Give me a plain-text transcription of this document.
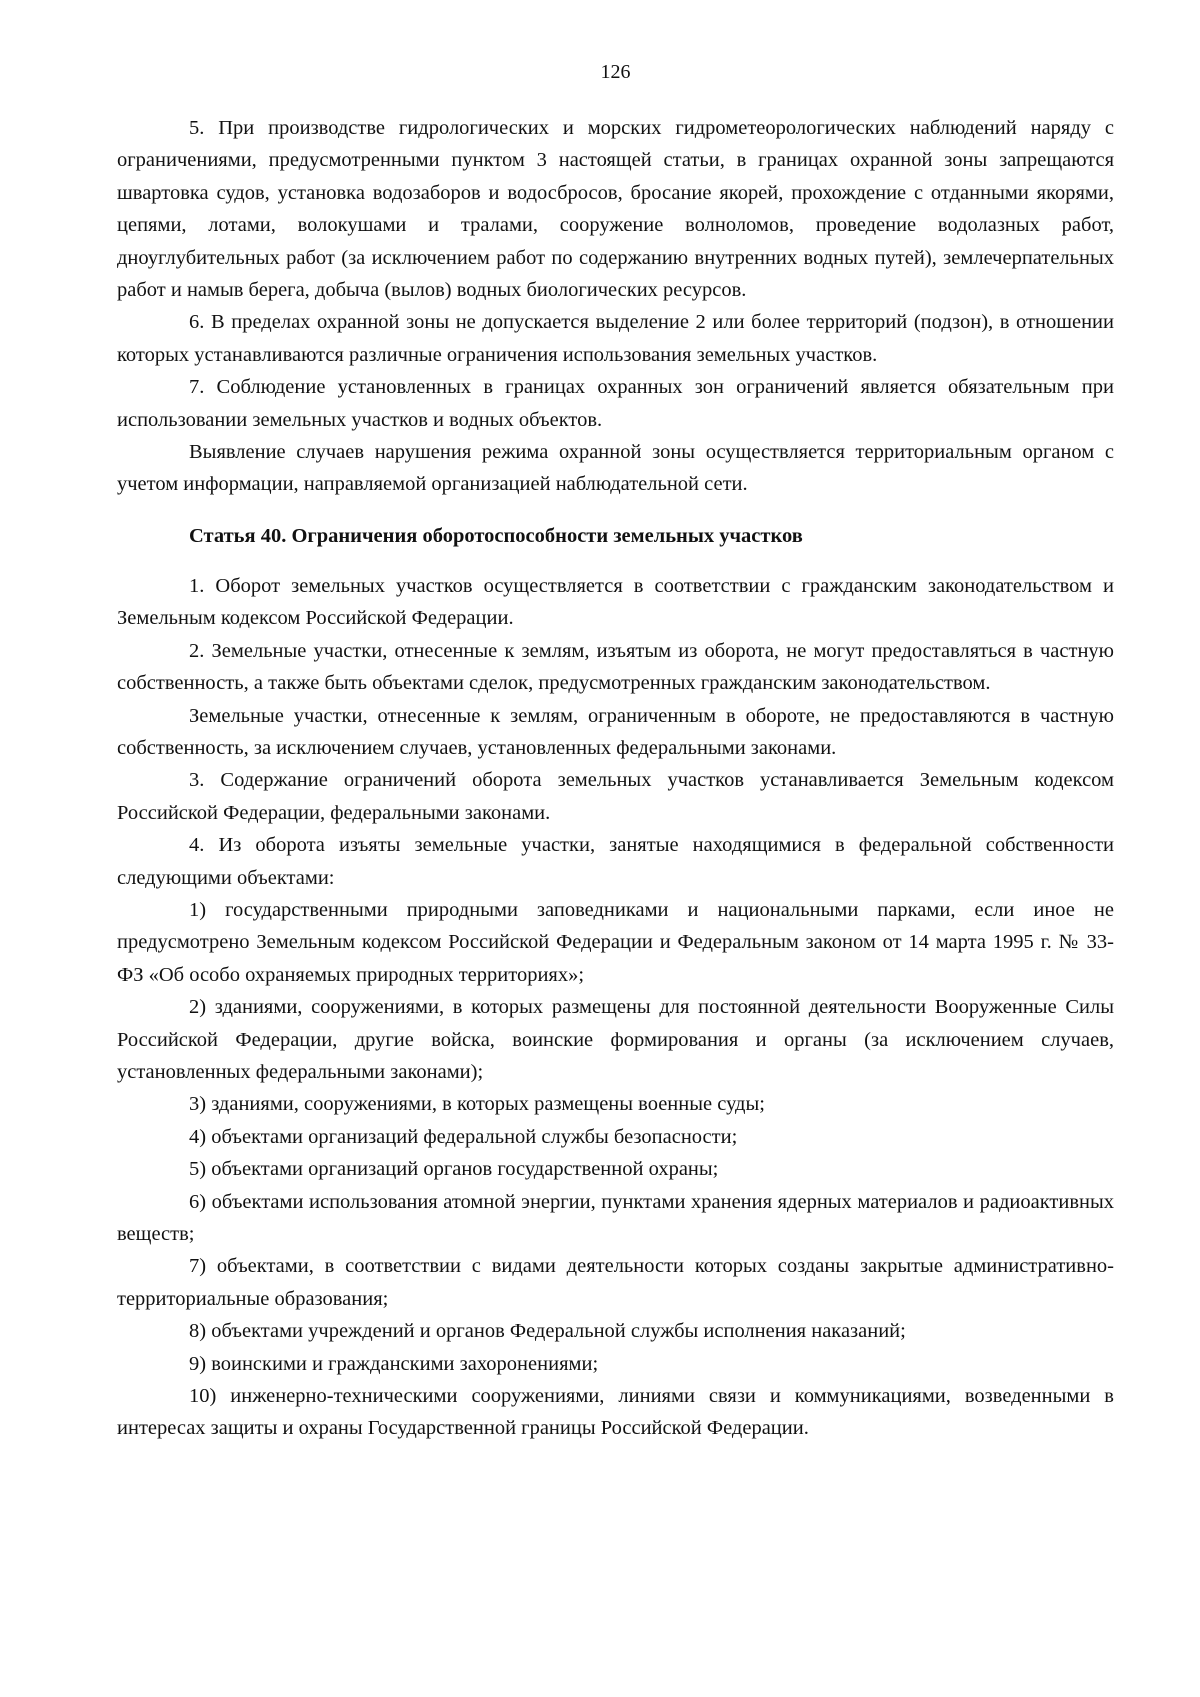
126

5. При производстве гидрологических и морских гидрометеорологических наблюдений наряду с ограничениями, предусмотренными пунктом 3 настоящей статьи, в границах охранной зоны запрещаются швартовка судов, установка водозаборов и водосбросов, бросание якорей, прохождение с отданными якорями, цепями, лотами, волокушами и тралами, сооружение волноломов, проведение водолазных работ, дноуглубительных работ (за исключением работ по содержанию внутренних водных путей), землечерпательных работ и намыв берега, добыча (вылов) водных биологических ресурсов.

6. В пределах охранной зоны не допускается выделение 2 или более территорий (подзон), в отношении которых устанавливаются различные ограничения использования земельных участков.

7. Соблюдение установленных в границах охранных зон ограничений является обязательным при использовании земельных участков и водных объектов.

Выявление случаев нарушения режима охранной зоны осуществляется территориальным органом с учетом информации, направляемой организацией наблюдательной сети.

Статья 40. Ограничения оборотоспособности земельных участков

1. Оборот земельных участков осуществляется в соответствии с гражданским законодательством и Земельным кодексом Российской Федерации.

2. Земельные участки, отнесенные к землям, изъятым из оборота, не могут предоставляться в частную собственность, а также быть объектами сделок, предусмотренных гражданским законодательством.

Земельные участки, отнесенные к землям, ограниченным в обороте, не предоставляются в частную собственность, за исключением случаев, установленных федеральными законами.

3. Содержание ограничений оборота земельных участков устанавливается Земельным кодексом Российской Федерации, федеральными законами.

4. Из оборота изъяты земельные участки, занятые находящимися в федеральной собственности следующими объектами:

1) государственными природными заповедниками и национальными парками, если иное не предусмотрено Земельным кодексом Российской Федерации и Федеральным законом от 14 марта 1995 г. № 33-ФЗ «Об особо охраняемых природных территориях»;

2) зданиями, сооружениями, в которых размещены для постоянной деятельности Вооруженные Силы Российской Федерации, другие войска, воинские формирования и органы (за исключением случаев, установленных федеральными законами);

3) зданиями, сооружениями, в которых размещены военные суды;

4) объектами организаций федеральной службы безопасности;

5) объектами организаций органов государственной охраны;

6) объектами использования атомной энергии, пунктами хранения ядерных материалов и радиоактивных веществ;

7) объектами, в соответствии с видами деятельности которых созданы закрытые административно-территориальные образования;

8) объектами учреждений и органов Федеральной службы исполнения наказаний;

9) воинскими и гражданскими захоронениями;

10) инженерно-техническими сооружениями, линиями связи и коммуникациями, возведенными в интересах защиты и охраны Государственной границы Российской Федерации.
